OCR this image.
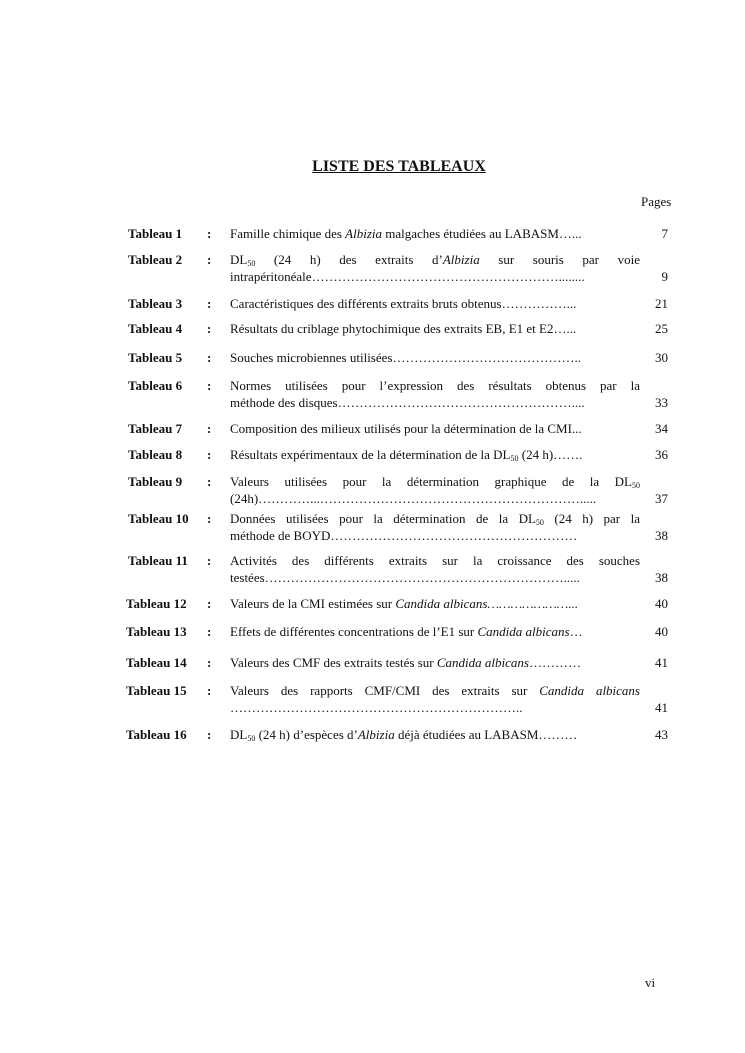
LISTE DES TABLEAUX
Pages
Tableau 1 : Famille chimique des Albizia malgaches étudiées au LABASM…...	7
Tableau 2 : $DL_{50}$ (24 h) des extraits d’Albizia sur souris par voie
intrapéritonéale…………………………………………………........	9
Tableau 3 : Caractéristiques des différents extraits bruts obtenus……………...	21
Tableau 4 : Résultats du criblage phytochimique des extraits EB, E1 et E2…...	25
Tableau 5 : Souches microbiennes utilisées……………………………………..	30
Tableau 6 : Normes utilisées pour l’expression des résultats obtenus par la
méthode des disques………………………………………………....	33
Tableau 7 : Composition des milieux utilisés pour la détermination de la CMI...	34
Tableau 8 : Résultats expérimentaux de la détermination de la $DL_{50}$ (24 h)…….	36
Tableau 9 : Valeurs utilisées pour la détermination graphique de la $DL_{50}$
(24h)…………...…………………………………………………….....	37
Tableau 10 : Données utilisées pour la détermination de la $DL_{50}$ (24 h) par la
méthode de BOYD…………………………………………………	38
Tableau 11 : Activités des différents extraits sur la croissance des souches
testées…………………………………………………………….....	38
Tableau 12 : Valeurs de la CMI estimées sur Candida albicans…………………...	40
Tableau 13 : Effets de différentes concentrations de l’E1 sur Candida albicans…	40
Tableau 14 : Valeurs des CMF des extraits testés sur Candida albicans…………	41
Tableau 15 : Valeurs des rapports CMF/CMI des extraits sur Candida albicans
…………………………………………………………..	41
Tableau 16 : $DL_{50}$ (24 h) d’espèces d’Albizia déjà étudiées au LABASM………	43
vi
